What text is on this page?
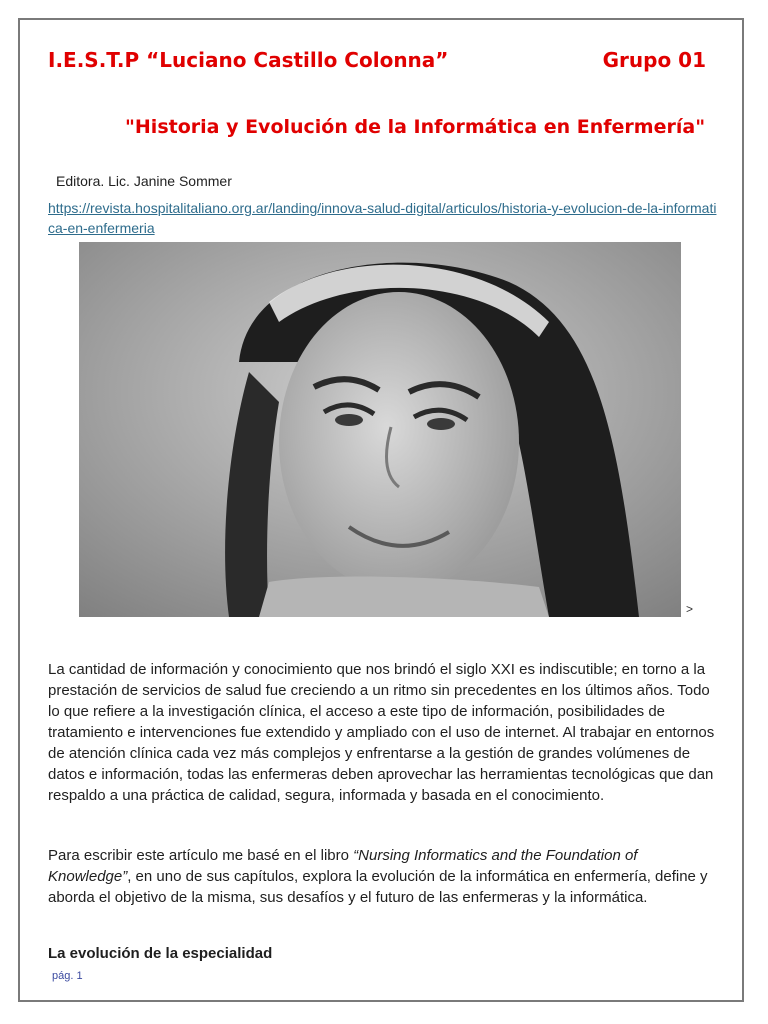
I.E.S.T.P “Luciano Castillo Colonna”	Grupo 01
"Historia y Evolución de la Informática en Enfermería"
Editora. Lic. Janine Sommer
https://revista.hospitalitaliano.org.ar/landing/innova-salud-digital/articulos/historia-y-evolucion-de-la-informatica-en-enfermeria
>

La cantidad de información y conocimiento que nos brindó el siglo XXI es indiscutible; en torno a la prestación de servicios de salud fue creciendo a un ritmo sin precedentes en los últimos años. Todo lo que refiere a la investigación clínica, el acceso a este tipo de información, posibilidades de tratamiento e intervenciones fue extendido y ampliado con el uso de internet. Al trabajar en entornos de atención clínica cada vez más complejos y enfrentarse a la gestión de grandes volúmenes de datos e información, todas las enfermeras deben aprovechar las herramientas tecnológicas que dan respaldo a una práctica de calidad, segura, informada y basada en el conocimiento.

Para escribir este artículo me basé en el libro “Nursing Informatics and the Foundation of Knowledge”, en uno de sus capítulos, explora la evolución de la informática en enfermería, define y aborda el objetivo de la misma, sus desafíos y el futuro de las enfermeras y la informática.

La evolución de la especialidad
pág. 1
